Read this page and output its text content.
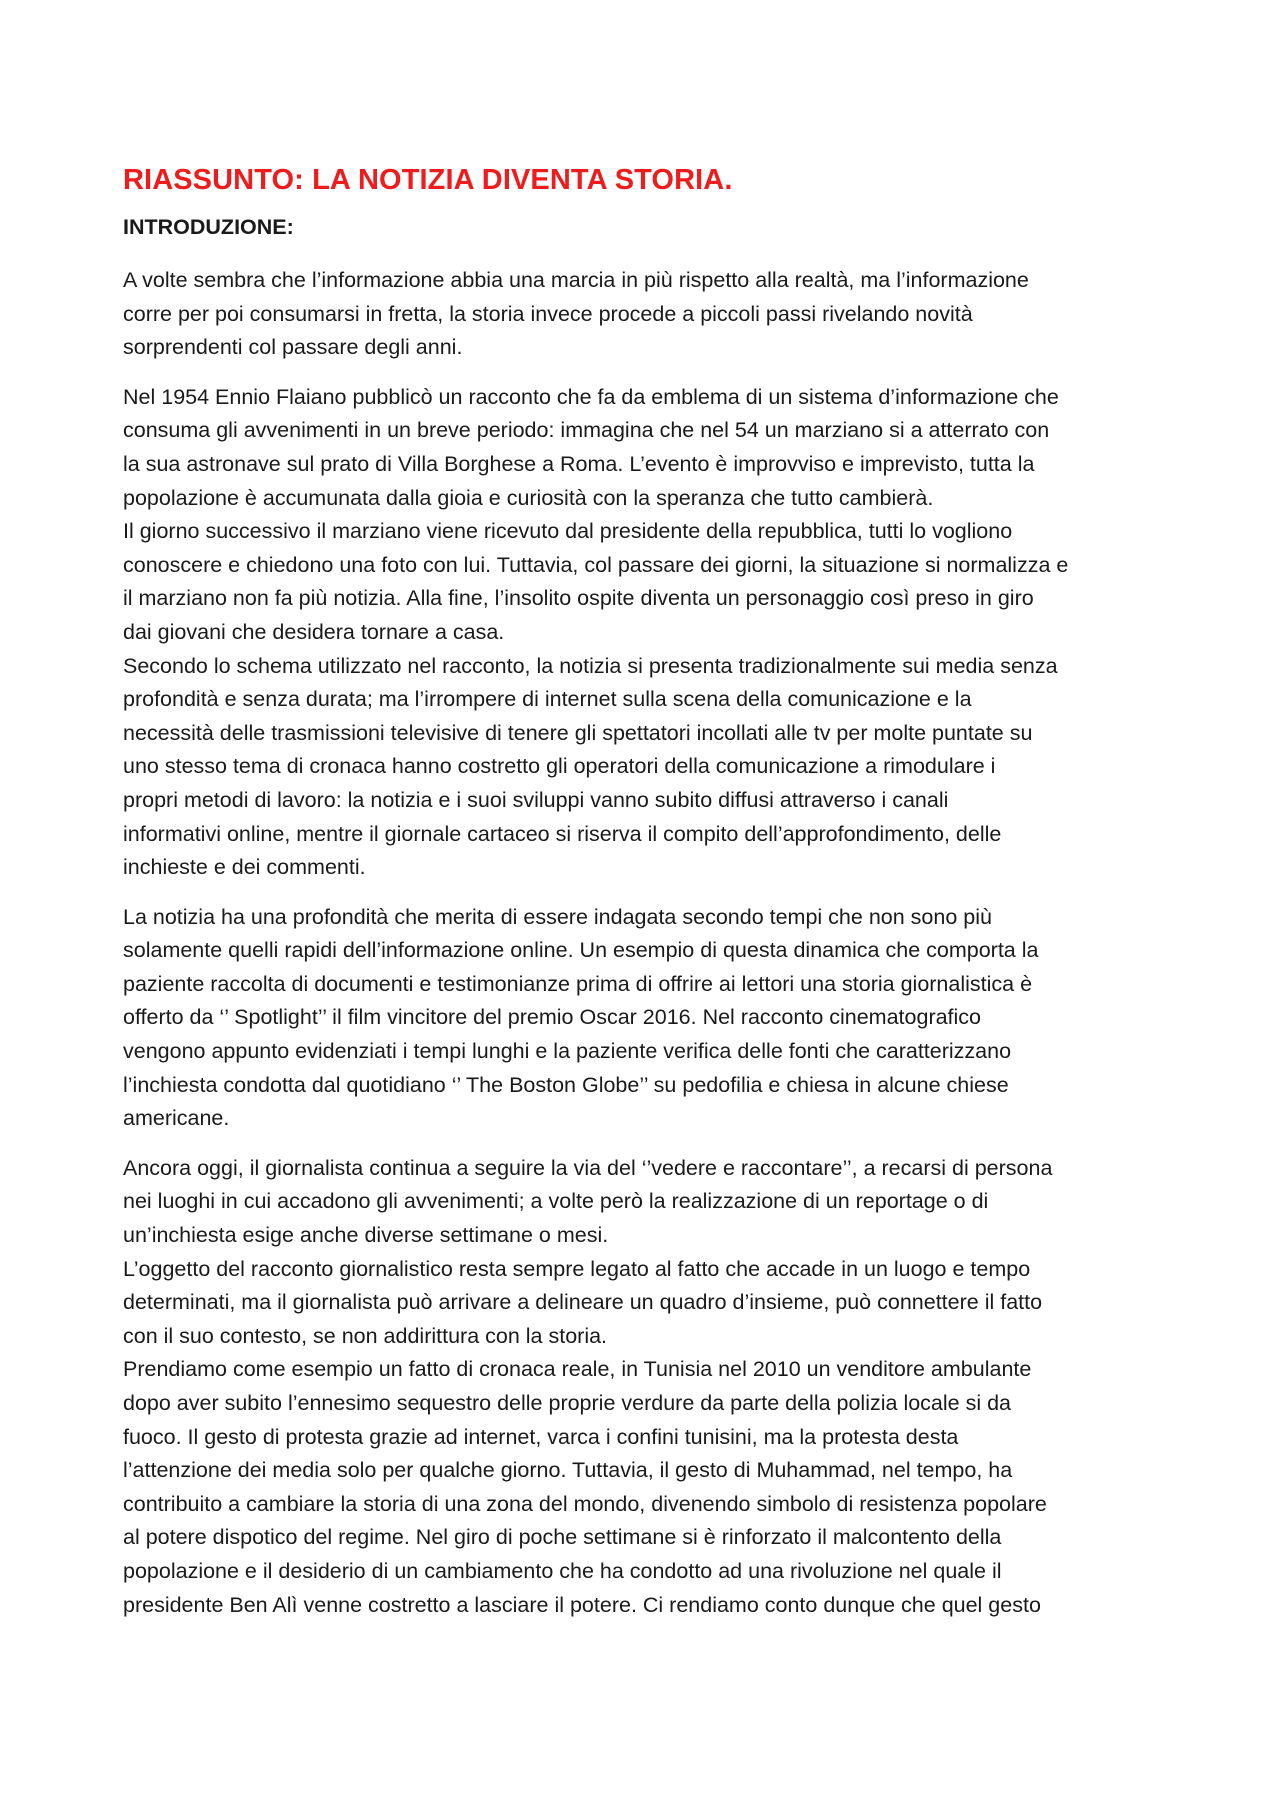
RIASSUNTO: LA NOTIZIA DIVENTA STORIA.
INTRODUZIONE:

A volte sembra che l’informazione abbia una marcia in più rispetto alla realtà, ma l’informazione
corre per poi consumarsi in fretta, la storia invece procede a piccoli passi rivelando novità
sorprendenti col passare degli anni.

Nel 1954 Ennio Flaiano pubblicò un racconto che fa da emblema di un sistema d’informazione che
consuma gli avvenimenti in un breve periodo: immagina che nel 54 un marziano si a atterrato con
la sua astronave sul prato di Villa Borghese a Roma. L’evento è improvviso e imprevisto, tutta la
popolazione è accumunata dalla gioia e curiosità con la speranza che tutto cambierà.
Il giorno successivo il marziano viene ricevuto dal presidente della repubblica, tutti lo vogliono
conoscere e chiedono una foto con lui. Tuttavia, col passare dei giorni, la situazione si normalizza e
il marziano non fa più notizia. Alla fine, l’insolito ospite diventa un personaggio così preso in giro
dai giovani che desidera tornare a casa.
Secondo lo schema utilizzato nel racconto, la notizia si presenta tradizionalmente sui media senza
profondità e senza durata; ma l’irrompere di internet sulla scena della comunicazione e la
necessità delle trasmissioni televisive di tenere gli spettatori incollati alle tv per molte puntate su
uno stesso tema di cronaca hanno costretto gli operatori della comunicazione a rimodulare i
propri metodi di lavoro: la notizia e i suoi sviluppi vanno subito diffusi attraverso i canali
informativi online, mentre il giornale cartaceo si riserva il compito dell’approfondimento, delle
inchieste e dei commenti.

La notizia ha una profondità che merita di essere indagata secondo tempi che non sono più
solamente quelli rapidi dell’informazione online. Un esempio di questa dinamica che comporta la
paziente raccolta di documenti e testimonianze prima di offrire ai lettori una storia giornalistica è
offerto da ‘’ Spotlight’’ il film vincitore del premio Oscar 2016. Nel racconto cinematografico
vengono appunto evidenziati i tempi lunghi e la paziente verifica delle fonti che caratterizzano
l’inchiesta condotta dal quotidiano ‘’ The Boston Globe’’ su pedofilia e chiesa in alcune chiese
americane.

Ancora oggi, il giornalista continua a seguire la via del ‘’vedere e raccontare’’, a recarsi di persona
nei luoghi in cui accadono gli avvenimenti; a volte però la realizzazione di un reportage o di
un’inchiesta esige anche diverse settimane o mesi.
L’oggetto del racconto giornalistico resta sempre legato al fatto che accade in un luogo e tempo
determinati, ma il giornalista può arrivare a delineare un quadro d’insieme, può connettere il fatto
con il suo contesto, se non addirittura con la storia.
Prendiamo come esempio un fatto di cronaca reale, in Tunisia nel 2010 un venditore ambulante
dopo aver subito l’ennesimo sequestro delle proprie verdure da parte della polizia locale si da
fuoco. Il gesto di protesta grazie ad internet, varca i confini tunisini, ma la protesta desta
l’attenzione dei media solo per qualche giorno. Tuttavia, il gesto di Muhammad, nel tempo, ha
contribuito a cambiare la storia di una zona del mondo, divenendo simbolo di resistenza popolare
al potere dispotico del regime. Nel giro di poche settimane si è rinforzato il malcontento della
popolazione e il desiderio di un cambiamento che ha condotto ad una rivoluzione nel quale il
presidente Ben Alì venne costretto a lasciare il potere. Ci rendiamo conto dunque che quel gesto
